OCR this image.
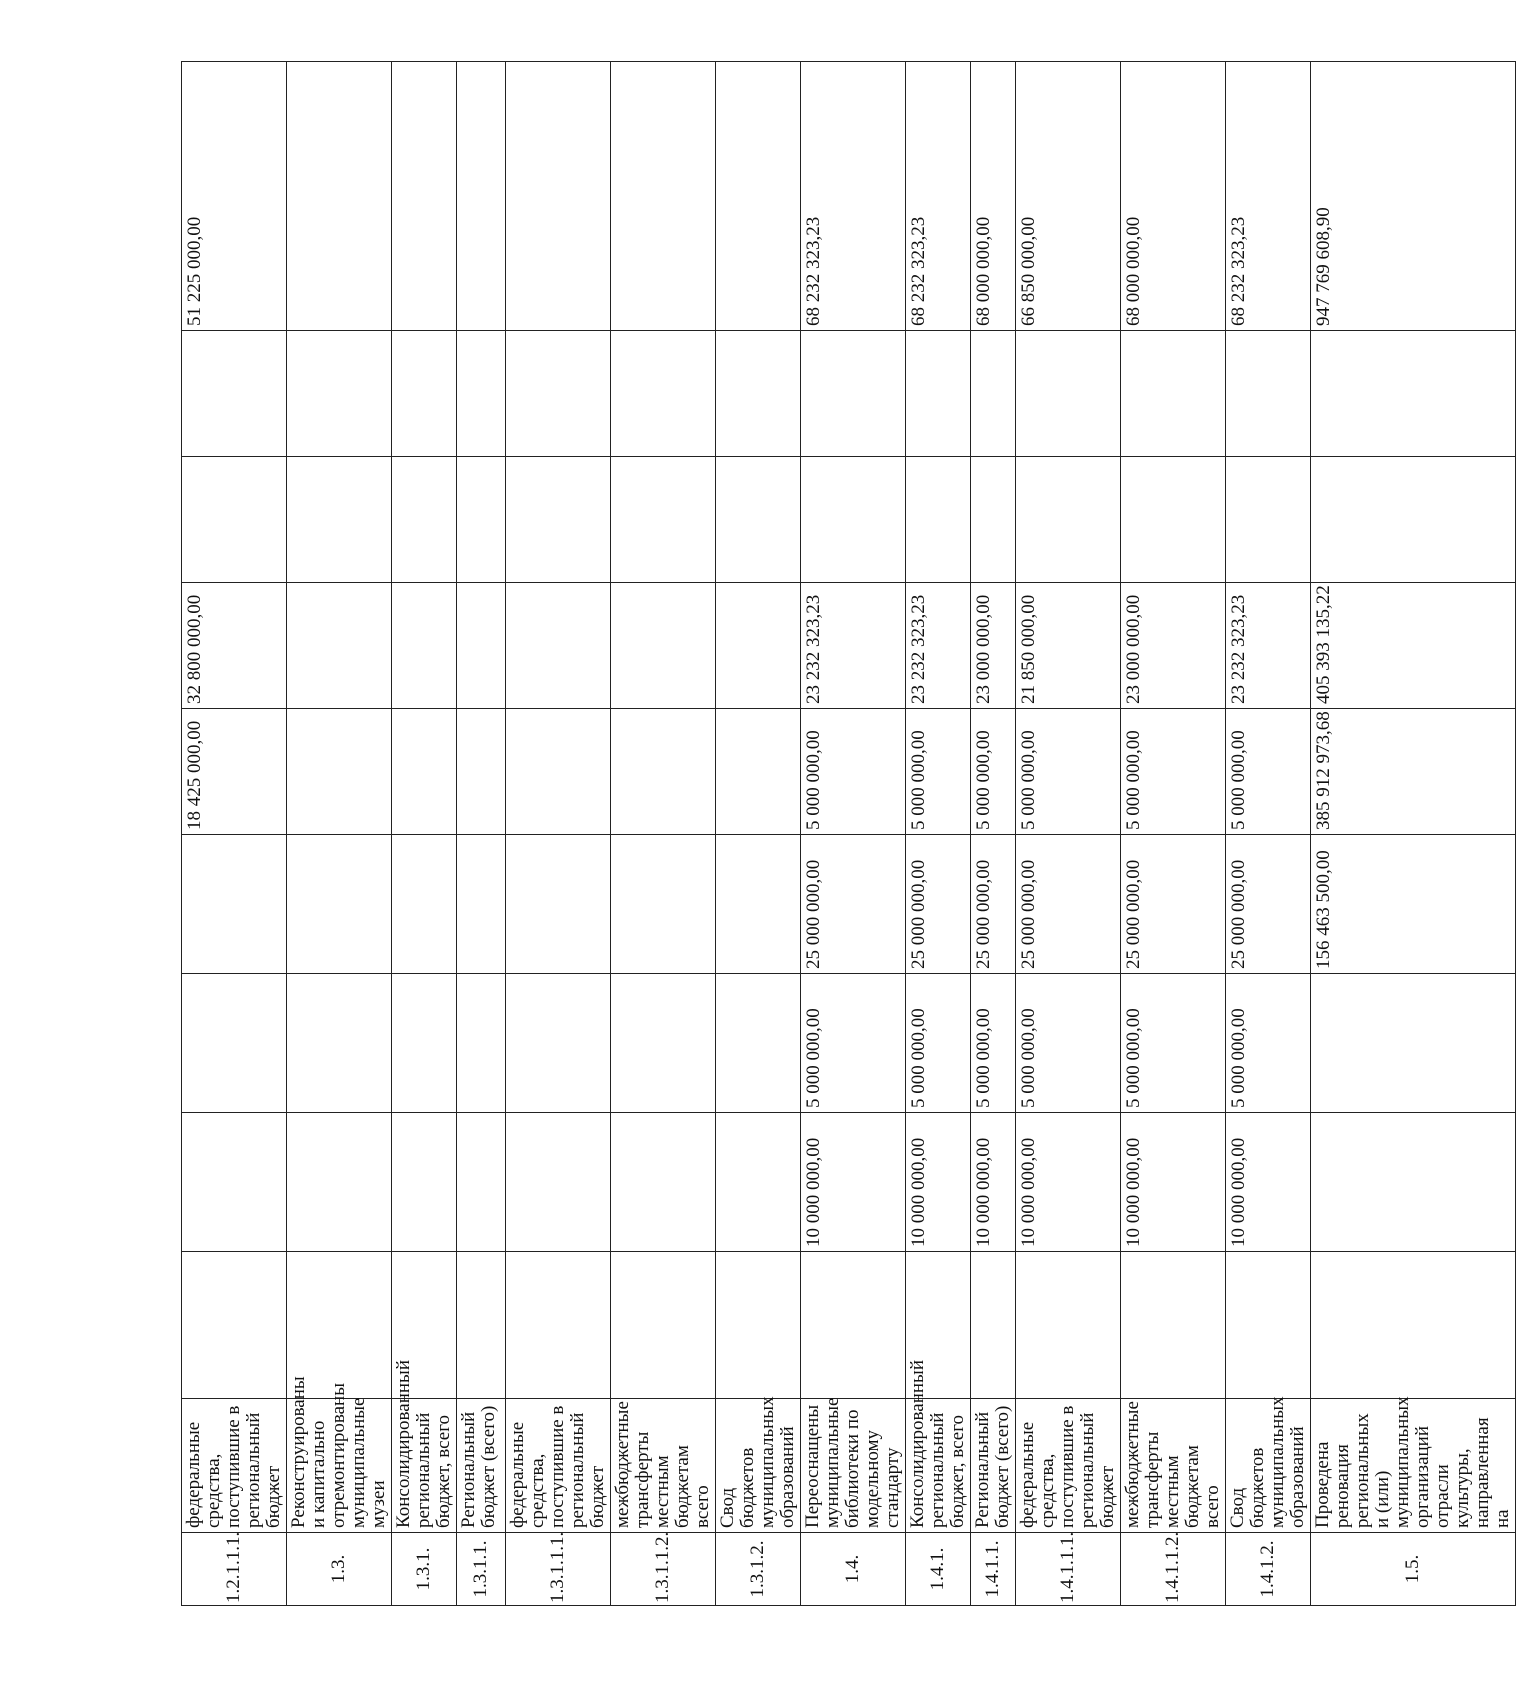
1.2.1.1.1.	федеральные средства, поступившие в региональный бюджет					18 425 000,00	32 800 000,00			51 225 000,00
1.3.	Реконструированы и капитально отремонтированы муниципальные музеи									
1.3.1.	Консолидированный региональный бюджет, всего									
1.3.1.1.	Региональный бюджет (всего)									
1.3.1.1.1.	федеральные средства, поступившие в региональный бюджет									
1.3.1.1.2.	межбюджетные трансферты местным бюджетам всего									
1.3.1.2.	Свод бюджетов муниципальных образований									
1.4.	Переоснащены муниципальные библиотеки по модельному стандарту		10 000 000,00	5 000 000,00	25 000 000,00	5 000 000,00	23 232 323,23			68 232 323,23
1.4.1.	Консолидированный региональный бюджет, всего		10 000 000,00	5 000 000,00	25 000 000,00	5 000 000,00	23 232 323,23			68 232 323,23
1.4.1.1.	Региональный бюджет (всего)		10 000 000,00	5 000 000,00	25 000 000,00	5 000 000,00	23 000 000,00			68 000 000,00
1.4.1.1.1.	федеральные средства, поступившие в региональный бюджет		10 000 000,00	5 000 000,00	25 000 000,00	5 000 000,00	21 850 000,00			66 850 000,00
1.4.1.1.2.	межбюджетные трансферты местным бюджетам всего		10 000 000,00	5 000 000,00	25 000 000,00	5 000 000,00	23 000 000,00			68 000 000,00
1.4.1.2.	Свод бюджетов муниципальных образований		10 000 000,00	5 000 000,00	25 000 000,00	5 000 000,00	23 232 323,23			68 232 323,23
1.5.	Проведена реновация региональных и (или) муниципальных организаций отрасли культуры, направленная на				156 463 500,00	385 912 973,68	405 393 135,22			947 769 608,90
